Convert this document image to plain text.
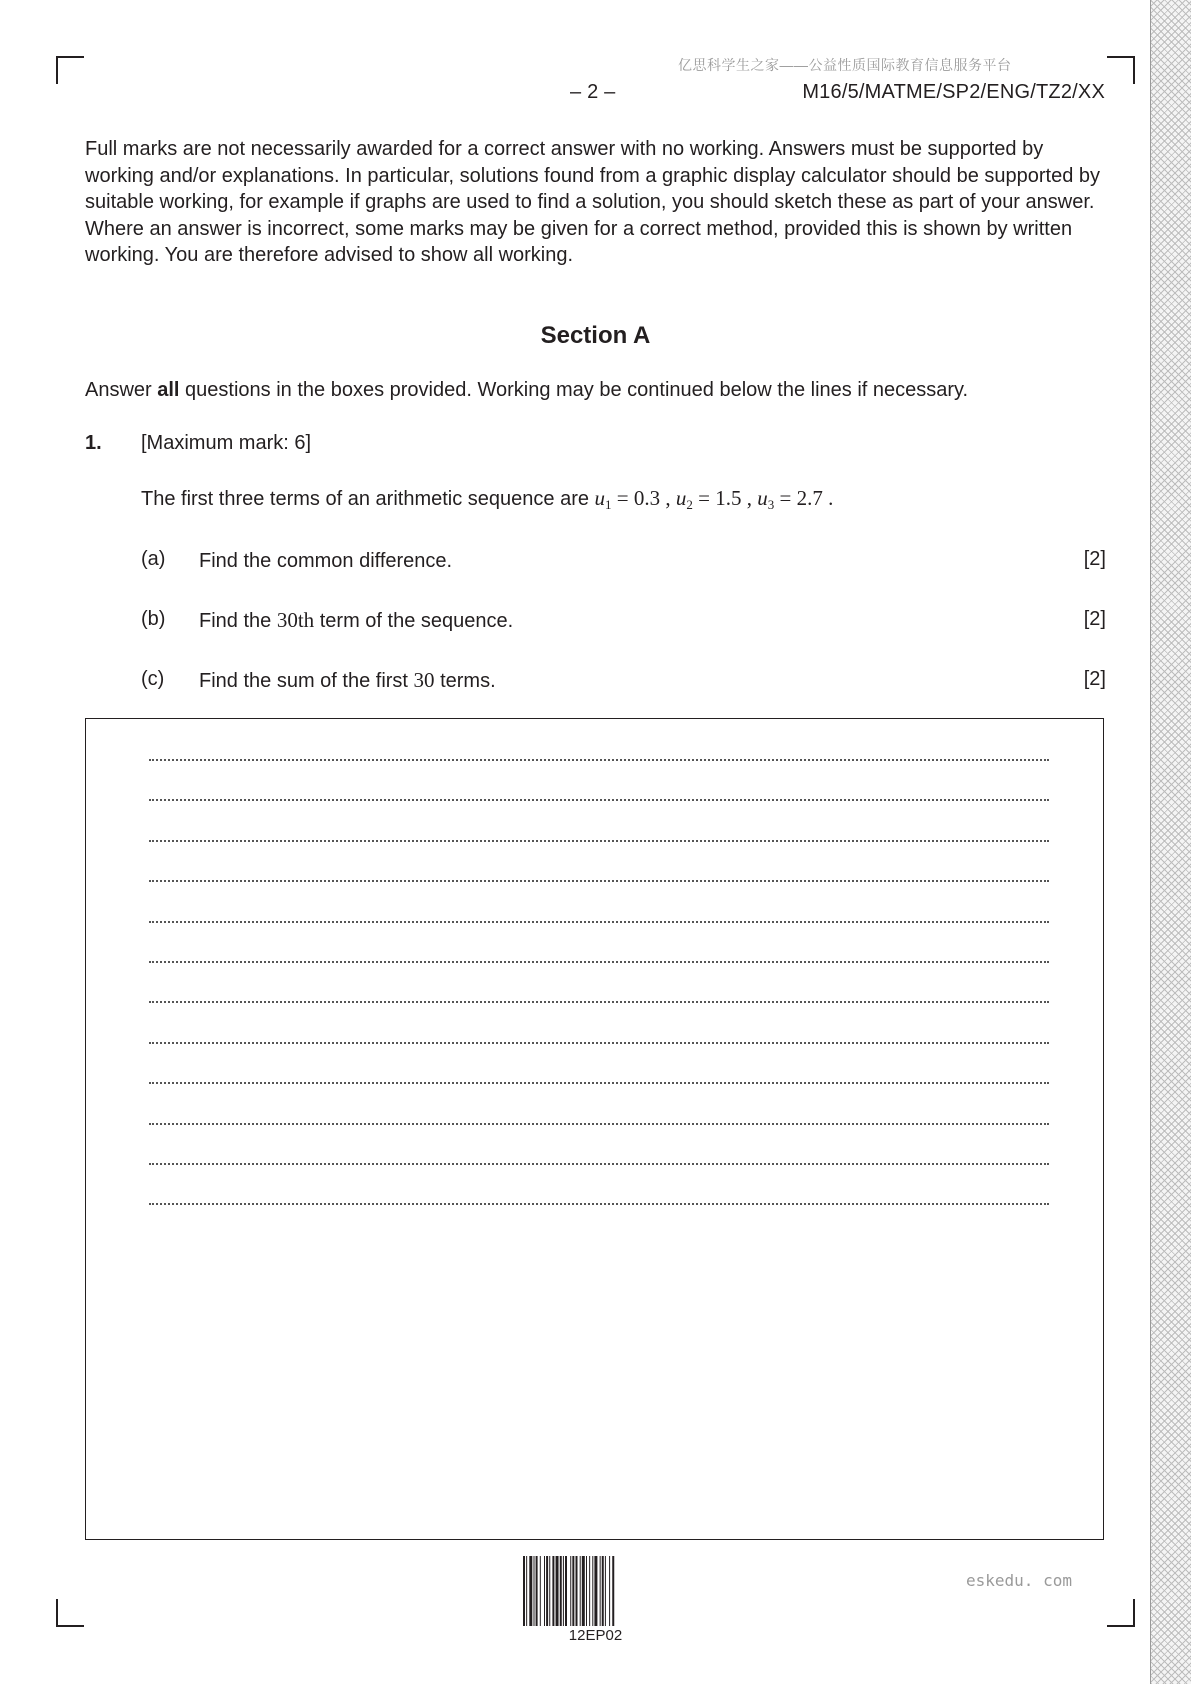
亿思科学生之家——公益性质国际教育信息服务平台
– 2 –	M16/5/MATME/SP2/ENG/TZ2/XX
Full marks are not necessarily awarded for a correct answer with no working. Answers must be supported by working and/or explanations. In particular, solutions found from a graphic display calculator should be supported by suitable working, for example if graphs are used to find a solution, you should sketch these as part of your answer. Where an answer is incorrect, some marks may be given for a correct method, provided this is shown by written working. You are therefore advised to show all working.
Section A
Answer all questions in the boxes provided. Working may be continued below the lines if necessary.
1. [Maximum mark: 6]
The first three terms of an arithmetic sequence are $u_1 = 0.3$ , $u_2 = 1.5$ , $u_3 = 2.7$ .
(a) Find the common difference.	[2]
(b) Find the 30th term of the sequence.	[2]
(c) Find the sum of the first 30 terms.	[2]
12EP02
eskedu. com
